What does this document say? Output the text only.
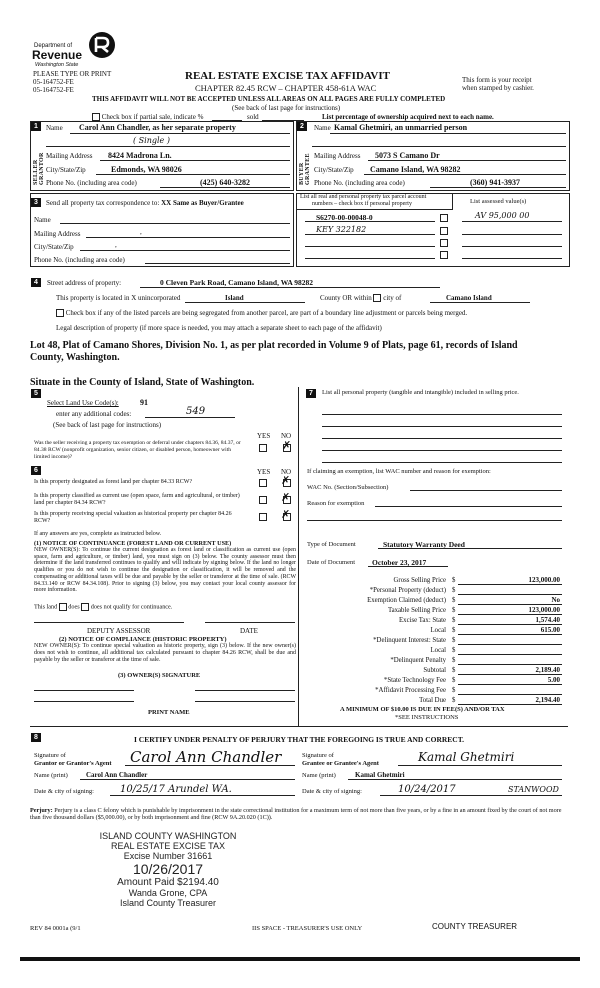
Department of
Revenue
Washington State
PLEASE TYPE OR PRINT
05-164752-FE
05-164752-FE
REAL ESTATE EXCISE TAX AFFIDAVIT
CHAPTER 82.45 RCW – CHAPTER 458-61A WAC
This form is your receipt
when stamped by cashier.
THIS AFFIDAVIT WILL NOT BE ACCEPTED UNLESS ALL AREAS ON ALL PAGES ARE FULLY COMPLETED
(See back of last page for instructions)
Check box if partial sale, indicate %	sold	List percentage of ownership acquired next to each name.
1
SELLER GRANTOR
Name Carol Ann Chandler, as her separate property
( Single )
Mailing Address 8424 Madrona Ln.
City/State/Zip	Edmonds, WA 98026
Phone No. (including area code)	(425) 640-3282
2
BUYER GRANTEE
Name Kamal Ghetmiri, an unmarried person
Mailing Address 5073 S Camano Dr
City/State/Zip Camano Island, WA 98282
Phone No. (including area code)	(360) 941-3937
3	Send all property tax correspondence to: XX Same as Buyer/Grantee
Name
Mailing Address	,
City/State/Zip	,
Phone No. (including area code)
List all real and personal property tax parcel account
numbers – check box if personal property	List assessed value(s)
S6270-00-00048-0	AV 95,000 00
KEY 322182
4	Street address of property:	0 Cleven Park Road, Camano Island, WA 98282
This property is located in X unincorporated	Island	County OR within city of	Camano Island
Check box if any of the listed parcels are being segregated from another parcel, are part of a boundary line adjustment or parcels being merged.
Legal description of property (if more space is needed, you may attach a separate sheet to each page of the affidavit)
Lot 48, Plat of Camano Shores, Division No. 1, as per plat recorded in Volume 9 of Plats, page 61, records of Island
County, Washington.
Situate in the County of Island, State of Washington.
5
Select Land Use Code(s):	91
enter any additional codes:	549
(See back of last page for instructions)
YES NO
Was the seller receiving a property tax exemption or deferral under chapters 84.36, 84.37, or 84.38 RCW (nonprofit organization, senior citizen, or disabled person, homeowner with limited income)?
✗
6	YES NO
Is this property designated as forest land per chapter 84.33 RCW?	✗
Is this property classified as current use (open space, farm and agricultural, or timber) land per chapter 84.34 RCW?	✗
Is this property receiving special valuation as historical property per chapter 84.26 RCW?	✗
If any answers are yes, complete as instructed below.
(1) NOTICE OF CONTINUANCE (FOREST LAND OR CURRENT USE)
NEW OWNER(S): To continue the current designation as forest land or classification as current use (open space, farm and agriculture, or timber) land, you must sign on (3) below. The county assessor must then determine if the land transferred continues to qualify and will indicate by signing below. If the land no longer qualifies or you do not wish to continue the designation or classification, it will be removed and the compensating or additional taxes will be due and payable by the seller or transferor at the time of sale. (RCW 84.33.140 or RCW 84.34.108). Prior to signing (3) below, you may contact your local county assessor for more information.
This land does does not qualify for continuance.
DEPUTY ASSESSOR	DATE
(2) NOTICE OF COMPLIANCE (HISTORIC PROPERTY)
NEW OWNER(S): To continue special valuation as historic property, sign (3) below. If the new owner(s) does not wish to continue, all additional tax calculated pursuant to chapter 84.26 RCW, shall be due and payable by the seller or transferor at the time of sale.
(3) OWNER(S) SIGNATURE
PRINT NAME
7	List all personal property (tangible and intangible) included in selling price.
If claiming an exemption, list WAC number and reason for exemption:
WAC No. (Section/Subsection)
Reason for exemption
Type of Document	Statutory Warranty Deed
Date of Document October 23, 2017
Gross Selling Price $	123,000.00
*Personal Property (deduct) $
Exemption Claimed (deduct) $	No
Taxable Selling Price $	123,000.00
Excise Tax: State $	1,574.40
Local $	615.00
*Delinquent Interest: State $
Local $
*Delinquent Penalty $
Subtotal $	2,189.40
*State Technology Fee $	5.00
*Affidavit Processing Fee $
Total Due $	2,194.40
A MINIMUM OF $10.00 IS DUE IN FEE(S) AND/OR TAX
*SEE INSTRUCTIONS
8	I CERTIFY UNDER PENALTY OF PERJURY THAT THE FOREGOING IS TRUE AND CORRECT.
Signature of
Grantor or Grantor's Agent Carol Ann Chandler
Name (print)	Carol Ann Chandler
Date & city of signing:	10/25/17 Arundel WA.
Signature of
Grantee or Grantee's Agent	Kamal Ghetmiri
Name (print)	Kamal Ghetmiri
Date & city of signing:	10/24/2017	STANWOOD
Perjury: Perjury is a class C felony which is punishable by imprisonment in the state correctional institution for a maximum term of not more than five years, or by a fine in an amount fixed by the court of not more than five thousand dollars ($5,000.00), or by both imprisonment and fine (RCW 9A.20.020 (1C)).
ISLAND COUNTY WASHINGTON
REAL ESTATE EXCISE TAX
Excise Number 31661
10/26/2017
Amount Paid $2194.40
Wanda Grone, CPA
Island County Treasurer
REV 84 0001a (9/1	IIS SPACE - TREASURER'S USE ONLY	COUNTY TREASURER
